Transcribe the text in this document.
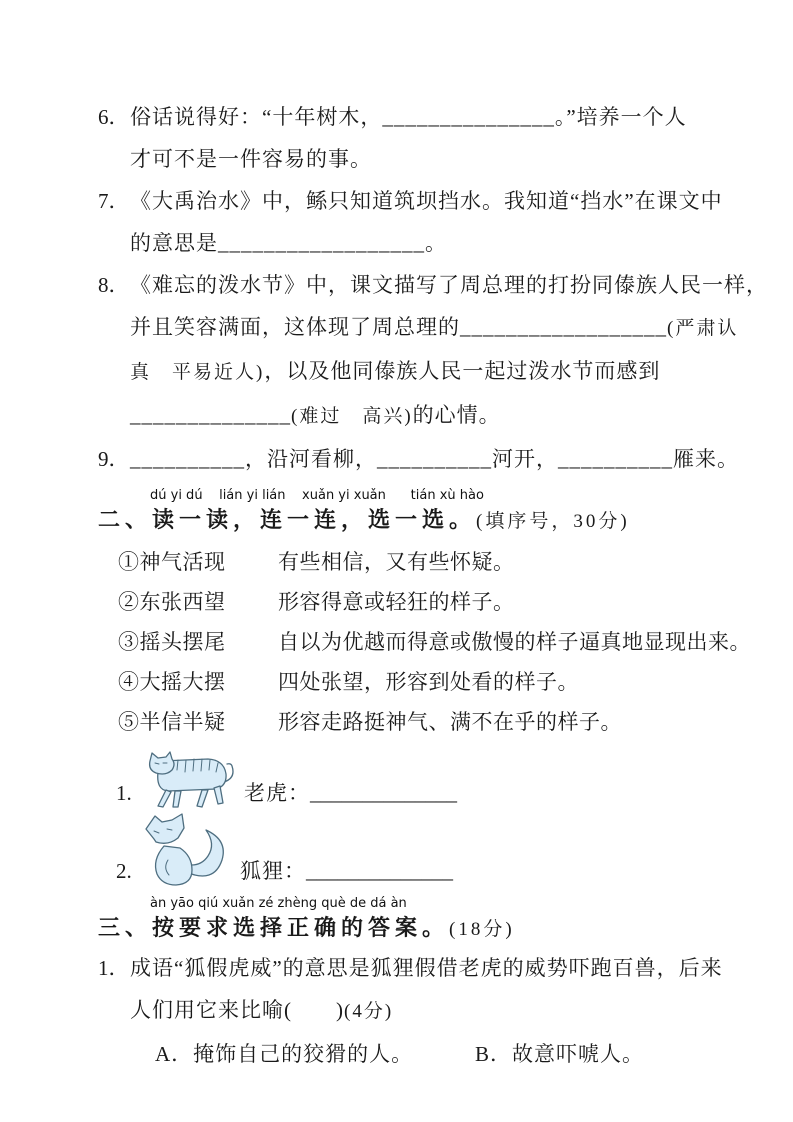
6． 俗话说得好：“十年树木，_______________。”培养一个人
才可不是一件容易的事。
7． 《大禹治水》中，鲧只知道筑坝挡水。我知道“挡水”在课文中
的意思是__________________。
8． 《难忘的泼水节》中，课文描写了周总理的打扮同傣族人民一样，
并且笑容满面，这体现了周总理的__________________(严肃认
真　平易近人)，以及他同傣族人民一起过泼水节而感到
______________(难过　高兴)的心情。
9． __________，沿河看柳，__________河开，__________雁来。
dú yi dú    lián yi lián    xuǎn yi xuǎn      tián xù hào
二、读一读，连一连，选一选。(填序号，30分)
①神气活现	有些相信，又有些怀疑。
②东张西望	形容得意或轻狂的样子。
③摇头摆尾	自以为优越而得意或傲慢的样子逼真地显现出来。
④大摇大摆	四处张望，形容到处看的样子。
⑤半信半疑	形容走路挺神气、满不在乎的样子。
1.	老虎： ______________
2.	狐狸： ______________
àn yāo qiú xuǎn zé zhèng què de dá àn
三、按要求选择正确的答案。(18分)
1． 成语“狐假虎威”的意思是狐狸假借老虎的威势吓跑百兽，后来
人们用它来比喻(　　)(4分)
A．掩饰自己的狡猾的人。	B．故意吓唬人。
